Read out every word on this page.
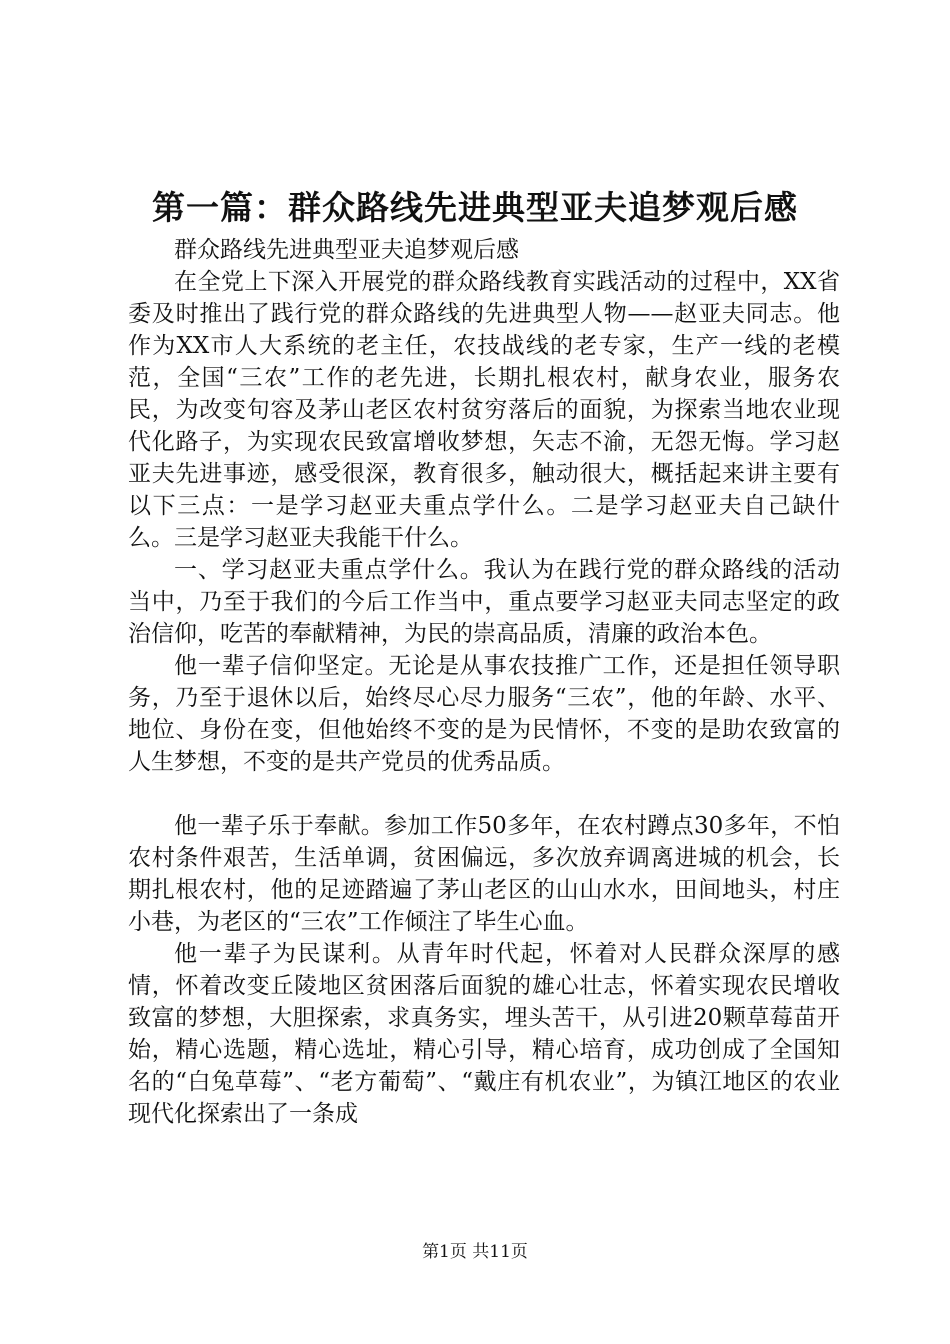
第一篇：群众路线先进典型亚夫追梦观后感

群众路线先进典型亚夫追梦观后感

在全党上下深入开展党的群众路线教育实践活动的过程中，XX省委及时推出了践行党的群众路线的先进典型人物——赵亚夫同志。他作为XX市人大系统的老主任，农技战线的老专家，生产一线的老模范，全国“三农”工作的老先进，长期扎根农村，献身农业，服务农民，为改变句容及茅山老区农村贫穷落后的面貌，为探索当地农业现代化路子，为实现农民致富增收梦想，矢志不渝，无怨无悔。学习赵亚夫先进事迹，感受很深，教育很多，触动很大，概括起来讲主要有以下三点：一是学习赵亚夫重点学什么。二是学习赵亚夫自己缺什么。三是学习赵亚夫我能干什么。

一、学习赵亚夫重点学什么。我认为在践行党的群众路线的活动当中，乃至于我们的今后工作当中，重点要学习赵亚夫同志坚定的政治信仰，吃苦的奉献精神，为民的崇高品质，清廉的政治本色。

他一辈子信仰坚定。无论是从事农技推广工作，还是担任领导职务，乃至于退休以后，始终尽心尽力服务“三农”，他的年龄、水平、地位、身份在变，但他始终不变的是为民情怀，不变的是助农致富的人生梦想，不变的是共产党员的优秀品质。

他一辈子乐于奉献。参加工作50多年，在农村蹲点30多年，不怕农村条件艰苦，生活单调，贫困偏远，多次放弃调离进城的机会，长期扎根农村，他的足迹踏遍了茅山老区的山山水水，田间地头，村庄小巷，为老区的“三农”工作倾注了毕生心血。

他一辈子为民谋利。从青年时代起，怀着对人民群众深厚的感情，怀着改变丘陵地区贫困落后面貌的雄心壮志，怀着实现农民增收致富的梦想，大胆探索，求真务实，埋头苦干，从引进20颗草莓苗开始，精心选题，精心选址，精心引导，精心培育，成功创成了全国知名的“白兔草莓”、“老方葡萄”、“戴庄有机农业”，为镇江地区的农业现代化探索出了一条成

第1页 共11页
